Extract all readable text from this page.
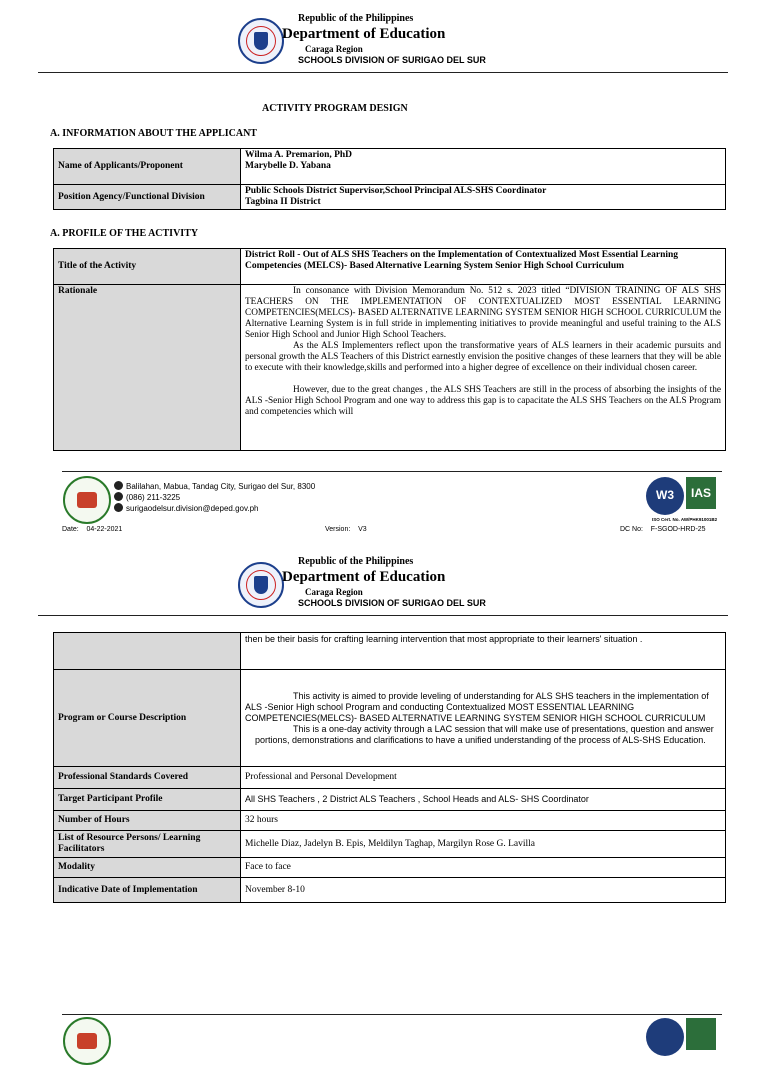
Republic of the Philippines
Department of Education
Caraga Region
SCHOOLS DIVISION OF SURIGAO DEL SUR
ACTIVITY PROGRAM DESIGN
A. INFORMATION ABOUT THE APPLICANT
Name of Applicants/Proponent	Wilma A. Premarion, PhD
Marybelle D. Yabana

Position Agency/Functional Division	Public Schools District Supervisor,School Principal ALS-SHS Coordinator
Tagbina II District
A. PROFILE OF THE ACTIVITY
Title of the Activity	District Roll - Out of ALS SHS Teachers on the Implementation of Contextualized Most Essential Learning Competencies (MELCS)- Based Alternative Learning System Senior High School Curriculum
Rationale	In consonance with Division Memorandum No. 512 s. 2023 titled “DIVISION TRAINING OF ALS SHS TEACHERS ON THE IMPLEMENTATION OF CONTEXTUALIZED MOST ESSENTIAL LEARNING COMPETENCIES(MELCS)- BASED ALTERNATIVE LEARNING SYSTEM SENIOR HIGH SCHOOL CURRICULUM the Alternative Learning System is in full stride in implementing initiatives to provide meaningful and useful training to the ALS Senior High School and Junior High School Teachers.
As the ALS Implementers reflect upon the transformative years of ALS learners in their academic pursuits and personal growth the ALS Teachers of this District earnestly envision the positive changes of these learners that they will be able to execute with their knowledge,skills and performed into a higher degree of excellence on their individual chosen career.
However, due to the great changes , the ALS SHS Teachers are still in the process of absorbing the insights of the ALS -Senior High School Program and one way to address this gap is to capacitate the ALS SHS Teachers on the ALS Program and competencies which will
Balilahan, Mabua, Tandag City, Surigao del Sur, 8300
(086) 211-3225
surigaodelsur.division@deped.gov.ph
W3	IAS
ISO Cert. No. AW/PHK91001B2
Date: 04-22-2021	Version: V3	DC No: F-SGOD-HRD-25
Republic of the Philippines
Department of Education
Caraga Region
SCHOOLS DIVISION OF SURIGAO DEL SUR
	then be their basis for crafting learning intervention that most appropriate to their learners' situation .
Program or Course Description	This activity is aimed to provide leveling of understanding for ALS SHS teachers in the implementation of ALS -Senior High school Program and conducting Contextualized MOST ESSENTIAL LEARNING COMPETENCIES(MELCS)- BASED ALTERNATIVE LEARNING SYSTEM SENIOR HIGH SCHOOL CURRICULUM
This is a one-day activity through a LAC session that will make use of presentations, question and answer portions, demonstrations and clarifications to have a unified understanding of the process of ALS-SHS Education.

Professional Standards Covered	Professional and Personal Development
Target Participant Profile	All SHS Teachers , 2 District ALS Teachers , School Heads and ALS- SHS Coordinator
Number of Hours	32 hours
List of Resource Persons/ Learning Facilitators	Michelle Diaz, Jadelyn B. Epis, Meldilyn Taghap, Margilyn Rose G. Lavilla
Modality	Face to face
Indicative Date of Implementation	November 8-10
